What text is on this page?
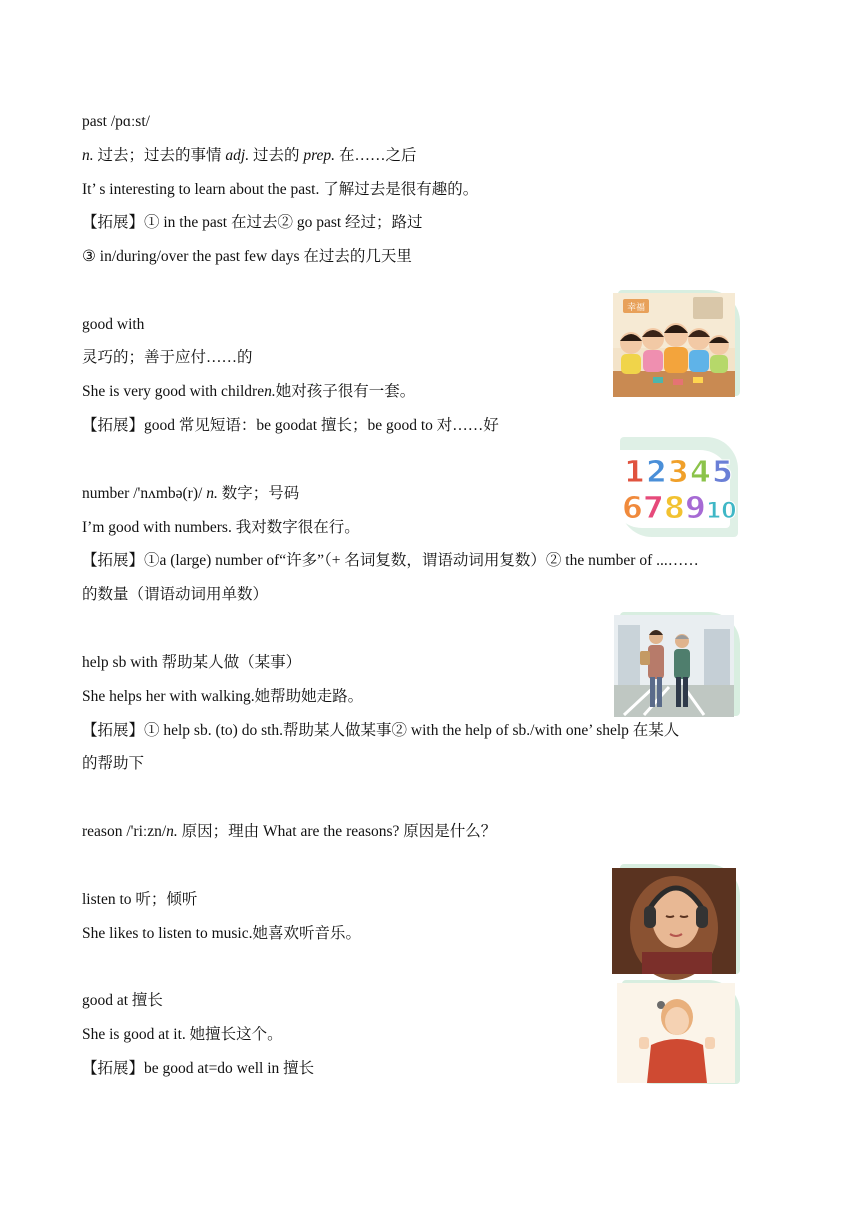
past /pɑːst/
n. 过去；过去的事情 adj. 过去的 prep. 在……之后
It’ s interesting to learn about the past. 了解过去是很有趣的。
【拓展】① in the past 在过去② go past 经过；路过
③ in/during/over the past few days 在过去的几天里
good with
灵巧的；善于应付……的
She is very good with children.她对孩子很有一套。
【拓展】good 常见短语：be goodat 擅长；be good to 对……好
幸福
number /'nʌmbə(r)/ n. 数字；号码
I’m good with numbers. 我对数字很在行。
【拓展】①a (large) number of“许多”（+ 名词复数，谓语动词用复数）② the number of ...……
的数量（谓语动词用单数）
1 2 3 4 5
6 7 8 9 10
help sb with 帮助某人做（某事）
She helps her with walking.她帮助她走路。
【拓展】① help sb. (to) do sth.帮助某人做某事② with the help of sb./with one’ shelp 在某人
的帮助下
reason /'riːzn/n. 原因；理由 What are the reasons? 原因是什么？
listen to 听；倾听
She likes to listen to music.她喜欢听音乐。
good at 擅长
She is good at it. 她擅长这个。
【拓展】be good at=do well in 擅长
